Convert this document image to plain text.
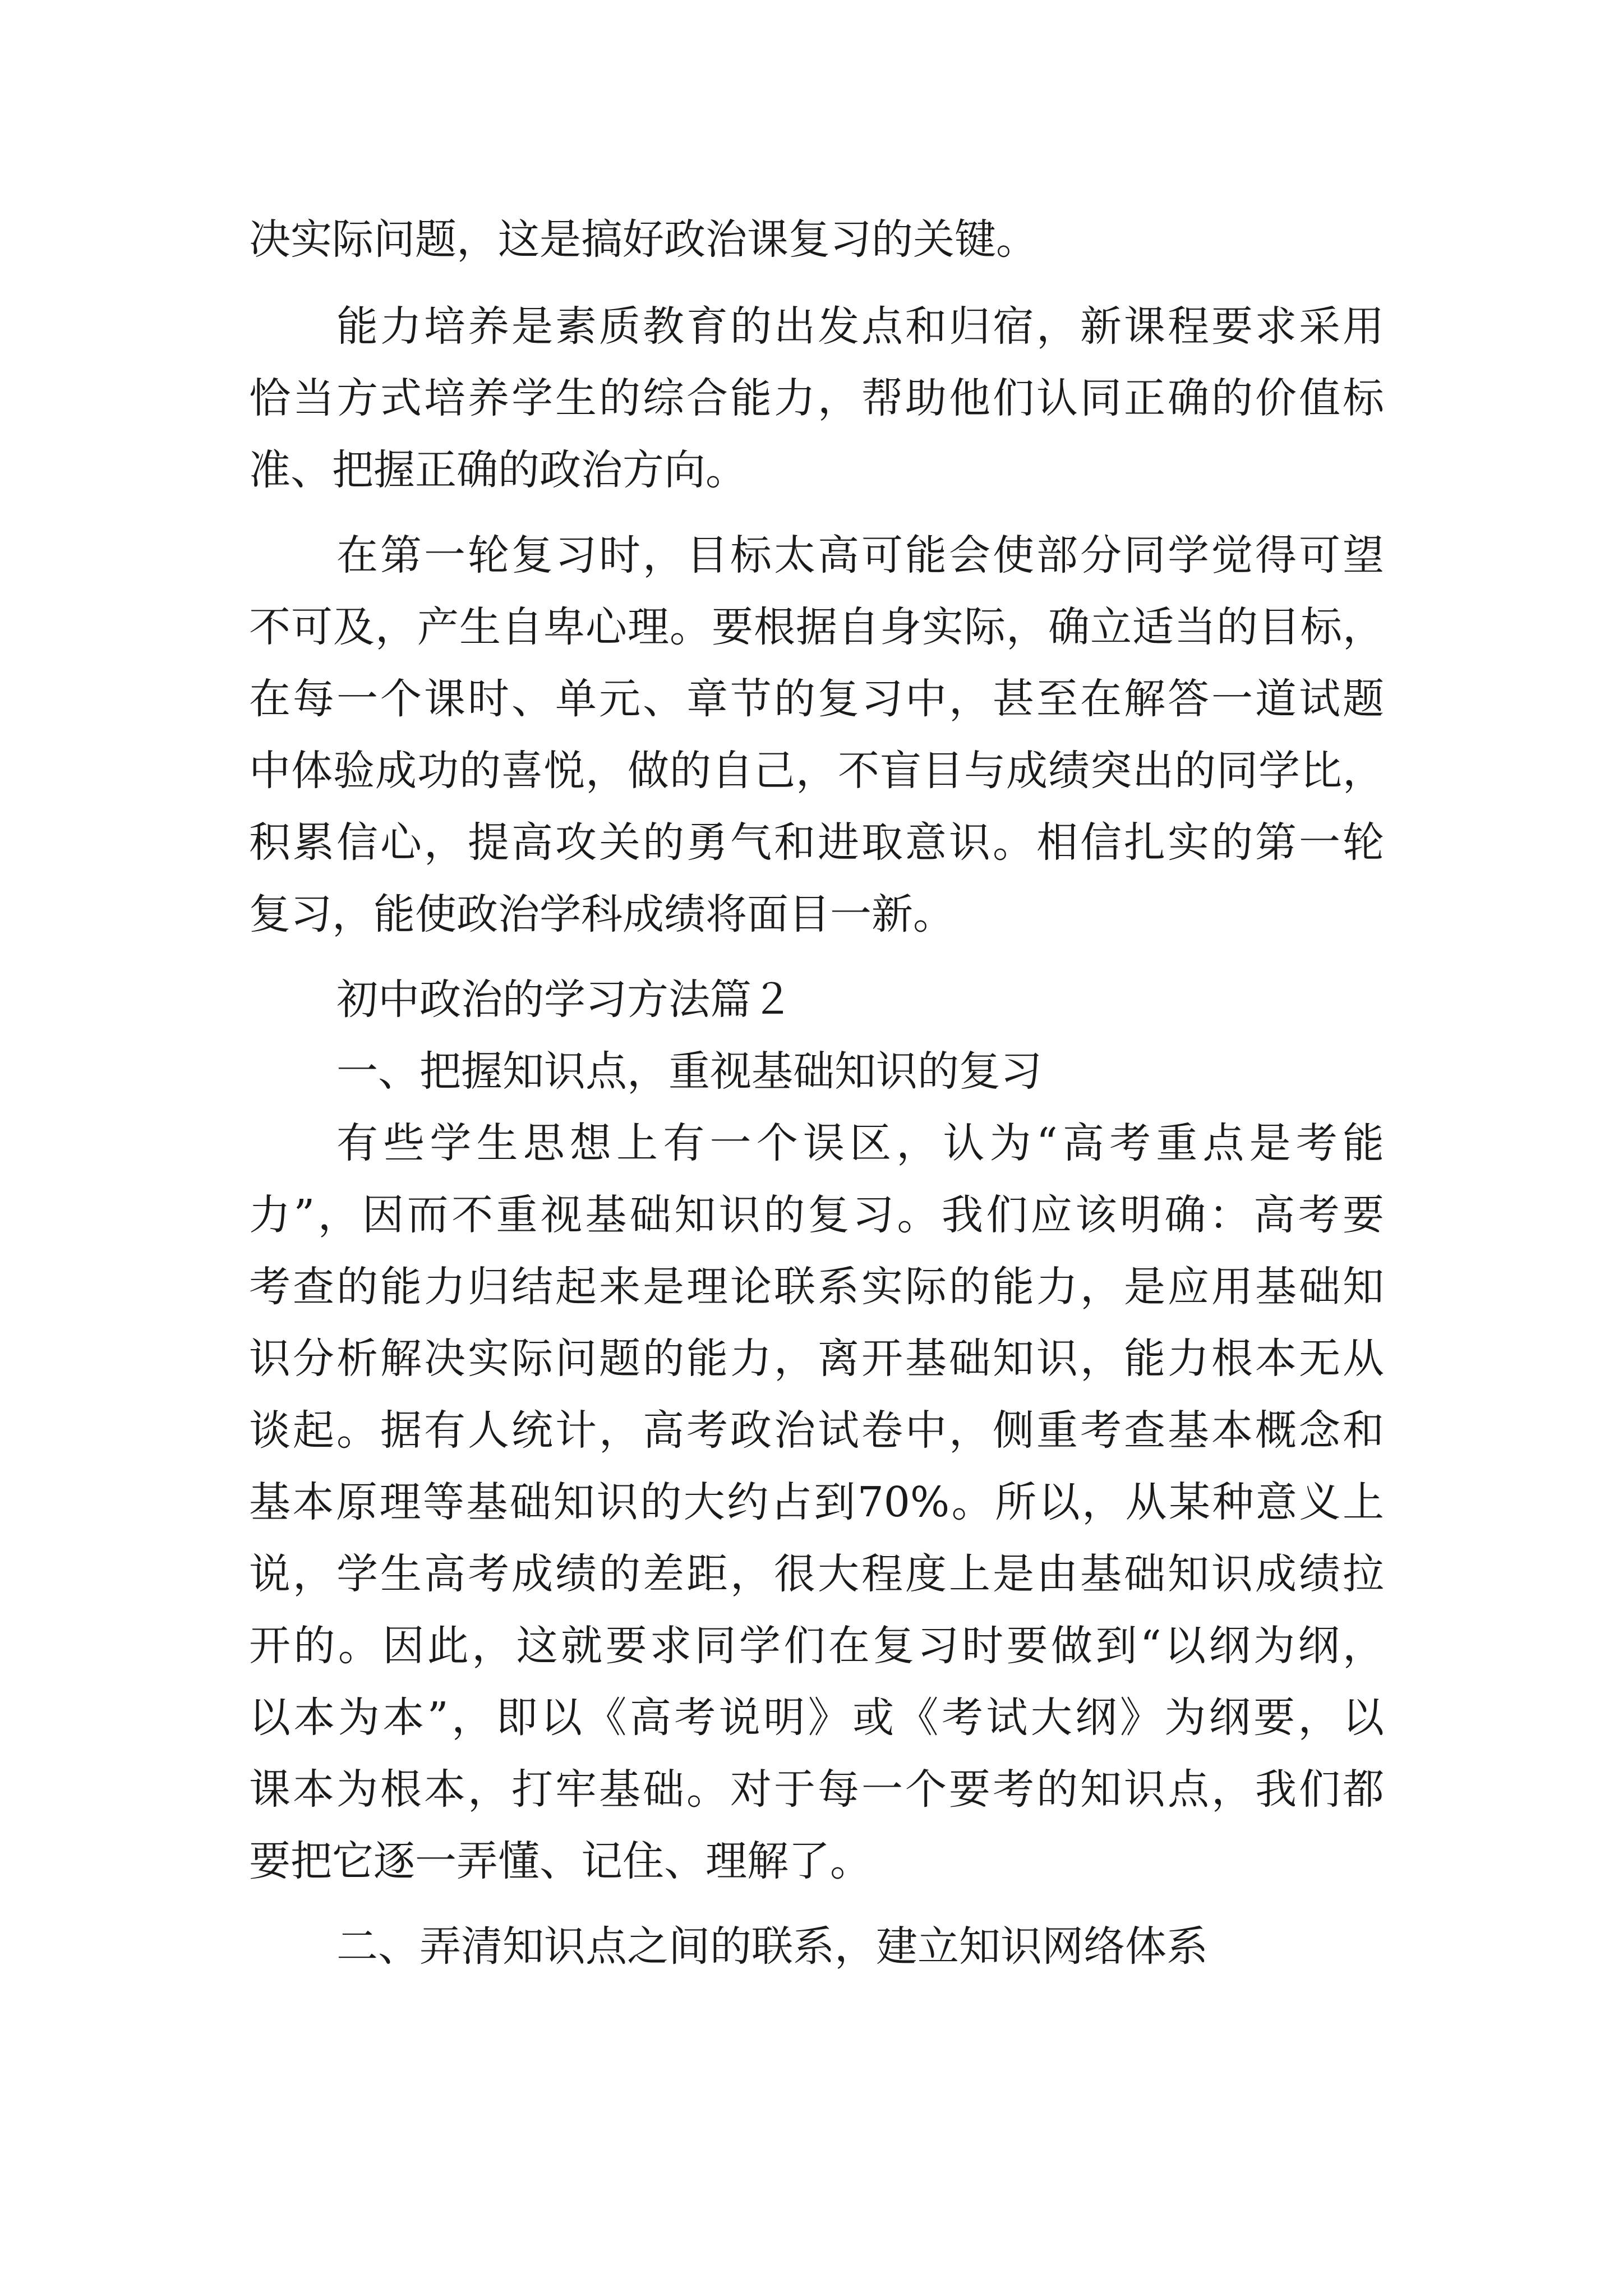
决实际问题，这是搞好政治课复习的关键。

能力培养是素质教育的出发点和归宿，新课程要求采用

恰当方式培养学生的综合能力，帮助他们认同正确的价值标

准、把握正确的政治方向。

在第一轮复习时，目标太高可能会使部分同学觉得可望

不可及，产生自卑心理。要根据自身实际，确立适当的目标，

在每一个课时、单元、章节的复习中，甚至在解答一道试题

中体验成功的喜悦，做的自己，不盲目与成绩突出的同学比，

积累信心，提高攻关的勇气和进取意识。相信扎实的第一轮

复习，能使政治学科成绩将面目一新。

初中政治的学习方法篇２

一、把握知识点，重视基础知识的复习

有些学生思想上有一个误区，认为“高考重点是考能

力”，因而不重视基础知识的复习。我们应该明确：高考要

考查的能力归结起来是理论联系实际的能力，是应用基础知

识分析解决实际问题的能力，离开基础知识，能力根本无从

谈起。据有人统计，高考政治试卷中，侧重考查基本概念和

基本原理等基础知识的大约占到70%。所以，从某种意义上

说，学生高考成绩的差距，很大程度上是由基础知识成绩拉

开的。因此，这就要求同学们在复习时要做到“以纲为纲，

以本为本”，即以《高考说明》或《考试大纲》为纲要，以

课本为根本，打牢基础。对于每一个要考的知识点，我们都

要把它逐一弄懂、记住、理解了。

二、弄清知识点之间的联系，建立知识网络体系
